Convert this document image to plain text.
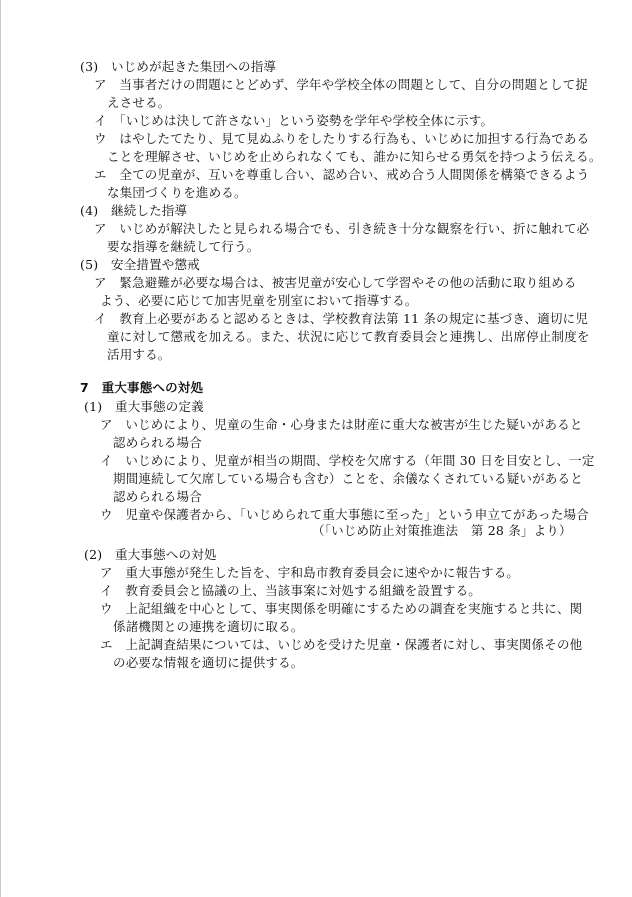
(3)　いじめが起きた集団への指導
ア　当事者だけの問題にとどめず、学年や学校全体の問題として、自分の問題として捉
えさせる。
イ　「いじめは決して許さない」という姿勢を学年や学校全体に示す。
ウ　はやしたてたり、見て見ぬふりをしたりする行為も、いじめに加担する行為である
ことを理解させ、いじめを止められなくても、誰かに知らせる勇気を持つよう伝える。
エ　全ての児童が、互いを尊重し合い、認め合い、戒め合う人間関係を構築できるよう
な集団づくりを進める。
(4)　継続した指導
ア　いじめが解決したと見られる場合でも、引き続き十分な観察を行い、折に触れて必
要な指導を継続して行う。
(5)　安全措置や懲戒
ア　緊急避難が必要な場合は、被害児童が安心して学習やその他の活動に取り組める
よう、必要に応じて加害児童を別室において指導する。
イ　教育上必要があると認めるときは、学校教育法第 11 条の規定に基づき、適切に児
童に対して懲戒を加える。また、状況に応じて教育委員会と連携し、出席停止制度を
活用する。
7　重大事態への対処
(1)　重大事態の定義
ア　いじめにより、児童の生命・心身または財産に重大な被害が生じた疑いがあると
認められる場合
イ　いじめにより、児童が相当の期間、学校を欠席する（年間 30 日を目安とし、一定
期間連続して欠席している場合も含む）ことを、余儀なくされている疑いがあると
認められる場合
ウ　児童や保護者から、「いじめられて重大事態に至った」という申立てがあった場合
（「いじめ防止対策推進法　第 28 条」より）
(2)　重大事態への対処
ア　重大事態が発生した旨を、宇和島市教育委員会に速やかに報告する。
イ　教育委員会と協議の上、当該事案に対処する組織を設置する。
ウ　上記組織を中心として、事実関係を明確にするための調査を実施すると共に、関
係諸機関との連携を適切に取る。
エ　上記調査結果については、いじめを受けた児童・保護者に対し、事実関係その他
の必要な情報を適切に提供する。
